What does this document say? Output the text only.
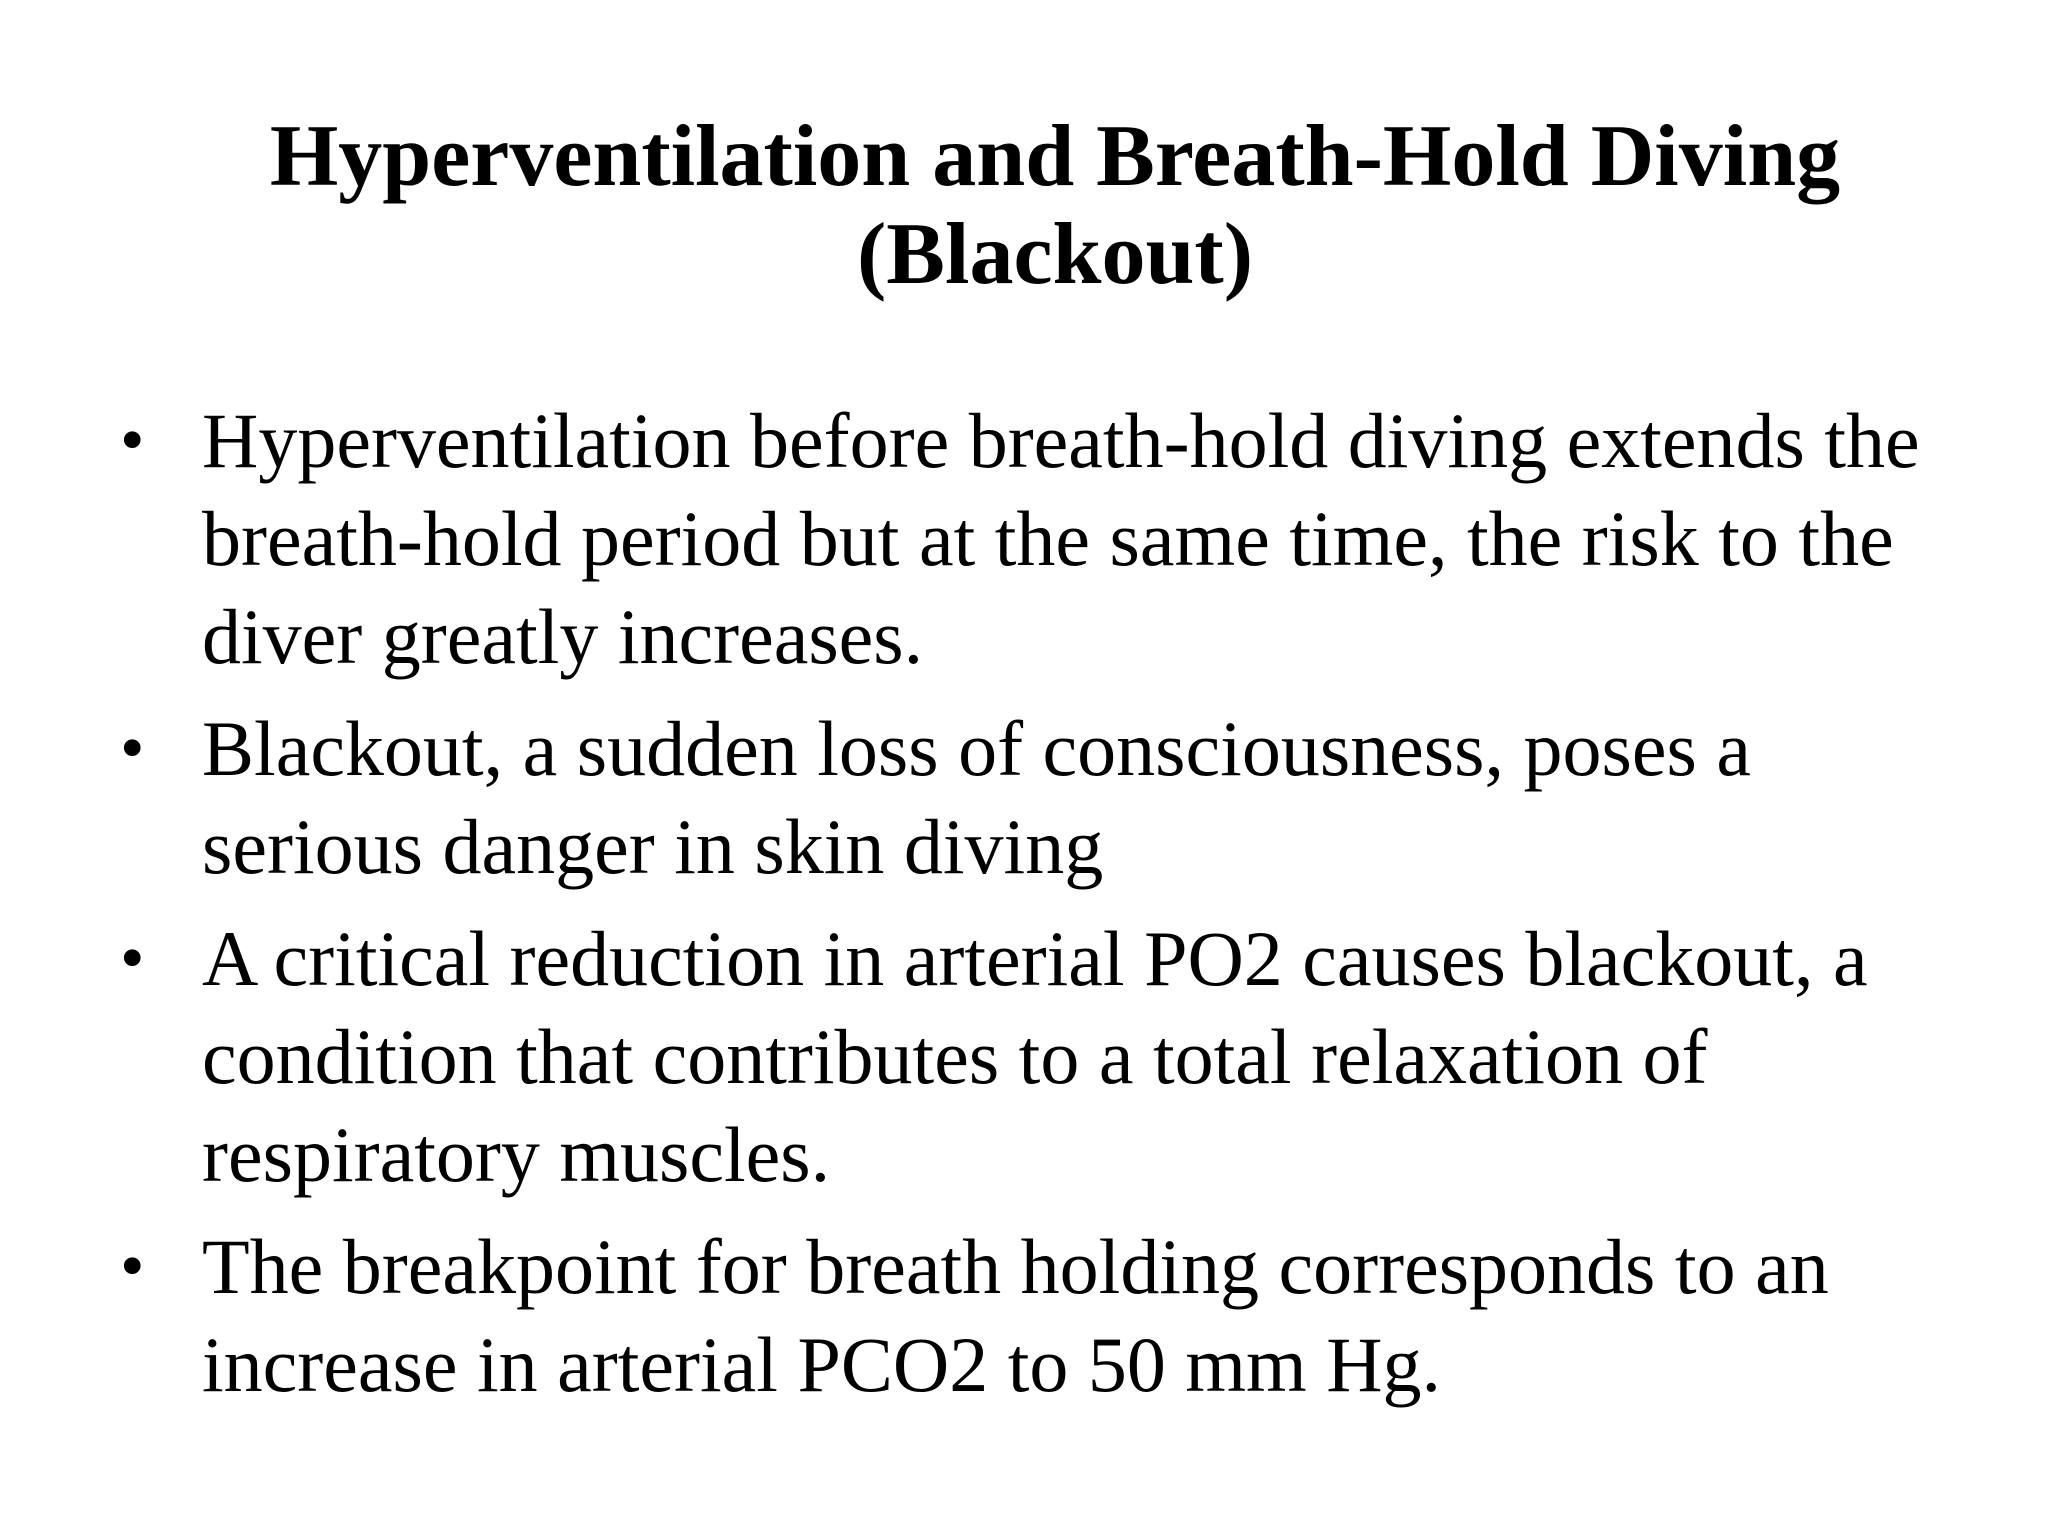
Hyperventilation and Breath-Hold Diving
(Blackout)
• Hyperventilation before breath-hold diving extends the breath-hold period but at the same time, the risk to the diver greatly increases.
• Blackout, a sudden loss of consciousness, poses a serious danger in skin diving
• A critical reduction in arterial PO2 causes blackout, a condition that contributes to a total relaxation of respiratory muscles.
• The breakpoint for breath holding corresponds to an increase in arterial PCO2 to 50 mm Hg.
